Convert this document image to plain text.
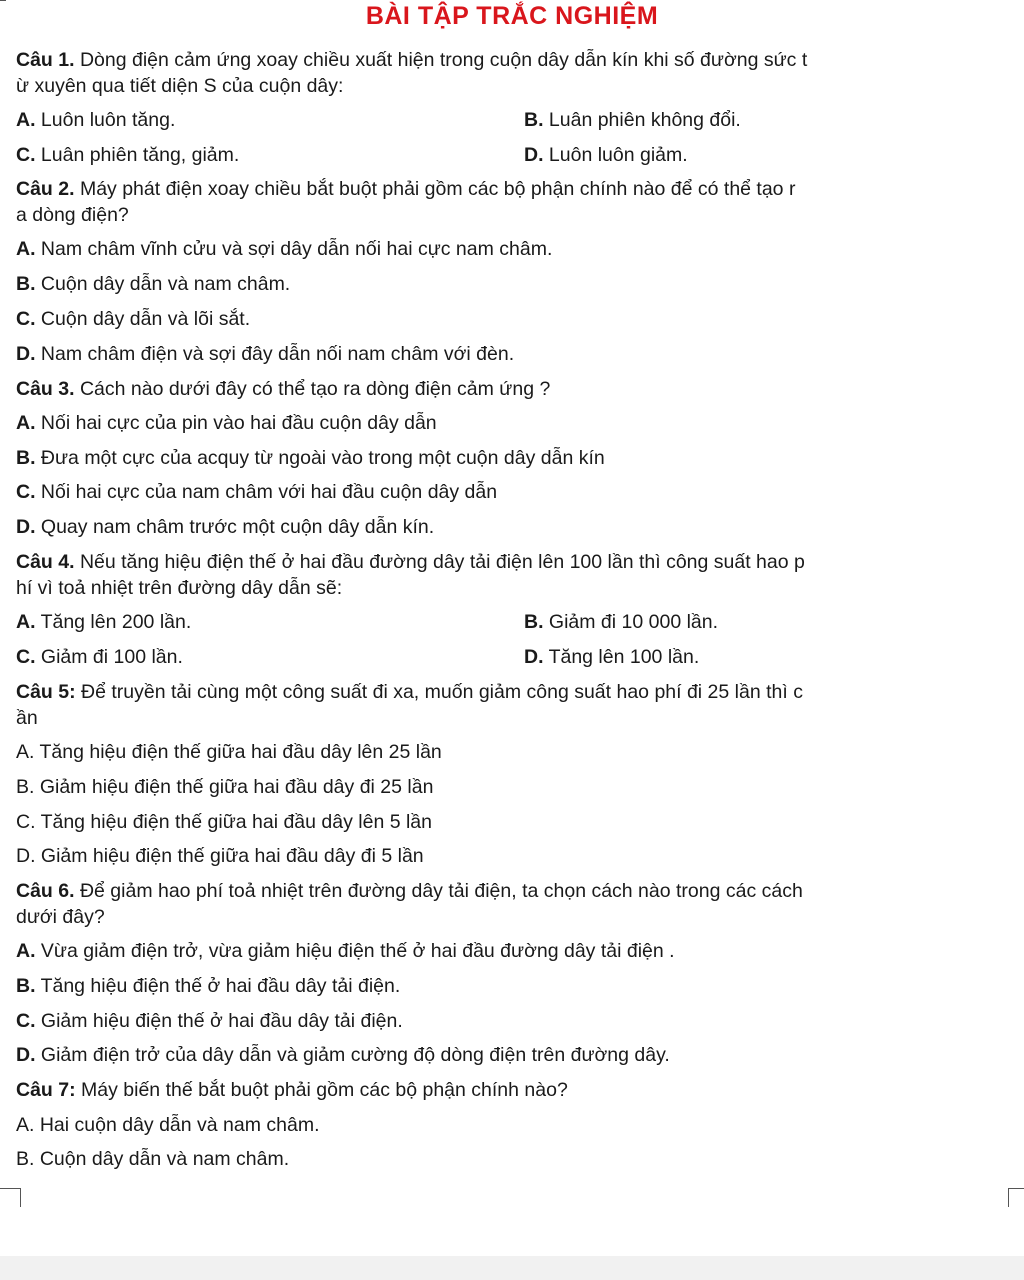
BÀI TẬP TRẮC NGHIỆM
Câu 1. Dòng điện cảm ứng xoay chiều xuất hiện trong cuộn dây dẫn kín khi số đường sức t
ừ xuyên qua tiết diện S của cuộn dây:
A. Luôn luôn tăng.	B. Luân phiên không đổi.
C. Luân phiên tăng, giảm.	D. Luôn luôn giảm.
Câu 2. Máy phát điện xoay chiều bắt buột phải gồm các bộ phận chính nào để có thể tạo r
a dòng điện?
A. Nam châm vĩnh cửu và sợi dây dẫn nối hai cực nam châm.
B. Cuộn dây dẫn và nam châm.
C. Cuộn dây dẫn và lõi sắt.
D. Nam châm điện và sợi đây dẫn nối nam châm với đèn.
Câu 3. Cách nào dưới đây có thể tạo ra dòng điện cảm ứng ?
A. Nối hai cực của pin vào hai đầu cuộn dây dẫn
B. Đưa một cực của acquy từ ngoài vào trong một cuộn dây dẫn kín
C. Nối hai cực của nam châm với hai đầu cuộn dây dẫn
D. Quay nam châm trước một cuộn dây dẫn kín.
Câu 4. Nếu tăng hiệu điện thế ở hai đầu đường dây tải điện lên 100 lần thì công suất hao p
hí vì toả nhiệt trên đường dây dẫn sẽ:
A. Tăng lên 200 lần.	B. Giảm đi 10 000 lần.
C. Giảm đi 100 lần.	D. Tăng lên 100 lần.
Câu 5: Để truyền tải cùng một công suất đi xa, muốn giảm công suất hao phí đi 25 lần thì c
ần
A. Tăng hiệu điện thế giữa hai đầu dây lên 25 lần
B. Giảm hiệu điện thế giữa hai đầu dây đi 25 lần
C. Tăng hiệu điện thế giữa hai đầu dây lên 5 lần
D. Giảm hiệu điện thế giữa hai đầu dây đi 5 lần
Câu 6. Để giảm hao phí toả nhiệt trên đường dây tải điện, ta chọn cách nào trong các cách
dưới đây?
A. Vừa giảm điện trở, vừa giảm hiệu điện thế ở hai đầu đường dây tải điện .
B. Tăng hiệu điện thế ở hai đầu dây tải điện.
C. Giảm hiệu điện thế ở hai đầu dây tải điện.
D. Giảm điện trở của dây dẫn và giảm cường độ dòng điện trên đường dây.
Câu 7: Máy biến thế bắt buột phải gồm các bộ phận chính nào?
A. Hai cuộn dây dẫn và nam châm.
B. Cuộn dây dẫn và nam châm.
